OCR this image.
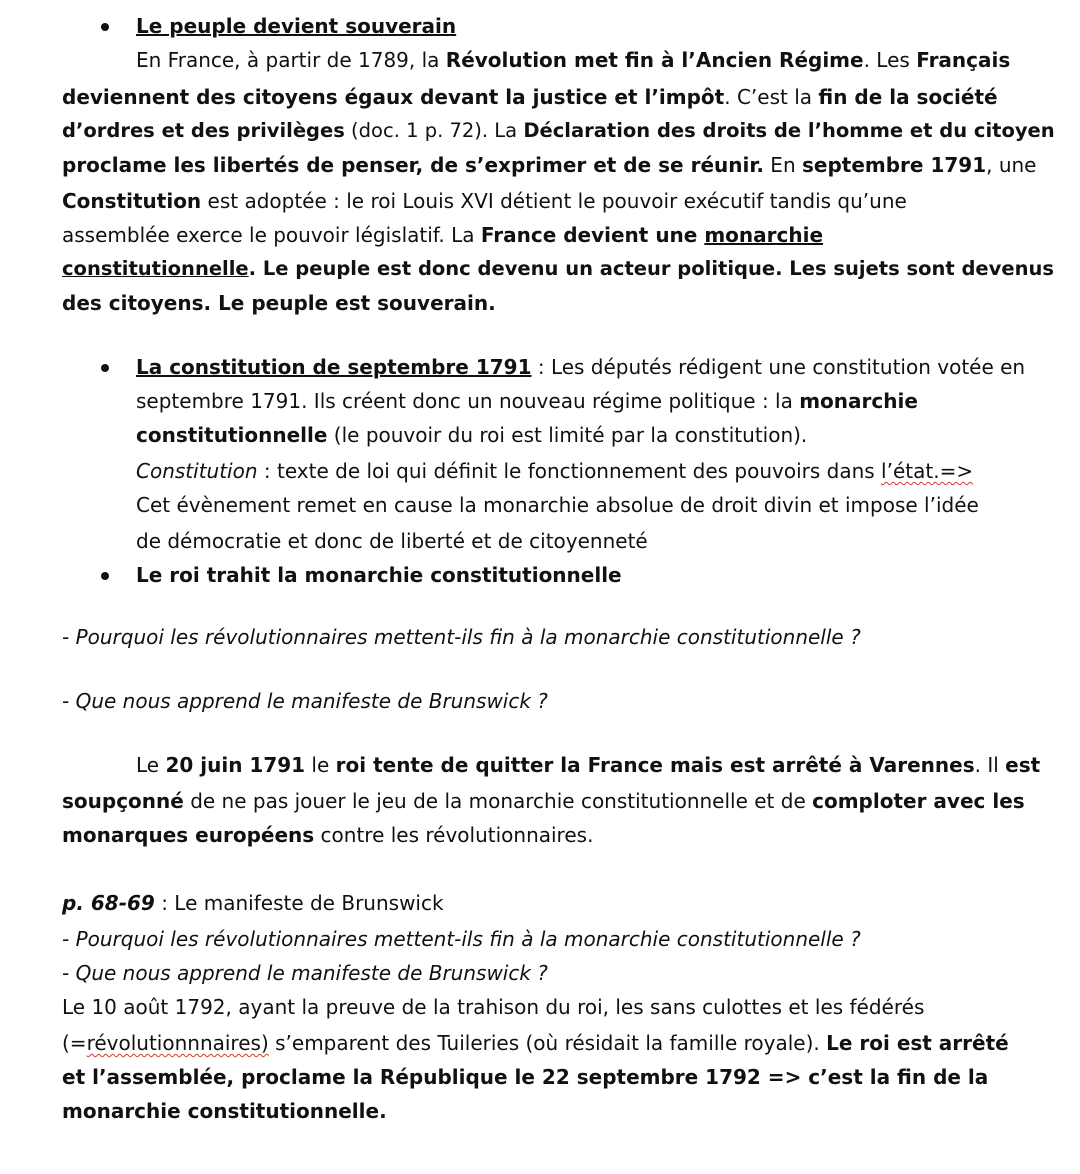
Le peuple devient souverain
En France, à partir de 1789, la Révolution met fin à l’Ancien Régime. Les Français
deviennent des citoyens égaux devant la justice et l’impôt. C’est la fin de la société
d’ordres et des privilèges (doc. 1 p. 72). La Déclaration des droits de l’homme et du citoyen
proclame les libertés de penser, de s’exprimer et de se réunir. En septembre 1791, une
Constitution est adoptée : le roi Louis XVI détient le pouvoir exécutif tandis qu’une
assemblée exerce le pouvoir législatif. La France devient une monarchie
constitutionnelle. Le peuple est donc devenu un acteur politique. Les sujets sont devenus
des citoyens. Le peuple est souverain.
La constitution de septembre 1791 : Les députés rédigent une constitution votée en
septembre 1791. Ils créent donc un nouveau régime politique : la monarchie
constitutionnelle (le pouvoir du roi est limité par la constitution).
Constitution : texte de loi qui définit le fonctionnement des pouvoirs dans l’état.=>
Cet évènement remet en cause la monarchie absolue de droit divin et impose l’idée
de démocratie et donc de liberté et de citoyenneté
Le roi trahit la monarchie constitutionnelle
- Pourquoi les révolutionnaires mettent-ils fin à la monarchie constitutionnelle ?
- Que nous apprend le manifeste de Brunswick ?
Le 20 juin 1791 le roi tente de quitter la France mais est arrêté à Varennes. Il est
soupçonné de ne pas jouer le jeu de la monarchie constitutionnelle et de comploter avec les
monarques européens contre les révolutionnaires.
p. 68-69 : Le manifeste de Brunswick
- Pourquoi les révolutionnaires mettent-ils fin à la monarchie constitutionnelle ?
- Que nous apprend le manifeste de Brunswick ?
Le 10 août 1792, ayant la preuve de la trahison du roi, les sans culottes et les fédérés
(=révolutionnnaires) s’emparent des Tuileries (où résidait la famille royale). Le roi est arrêté
et l’assemblée, proclame la République le 22 septembre 1792 => c’est la fin de la
monarchie constitutionnelle.
